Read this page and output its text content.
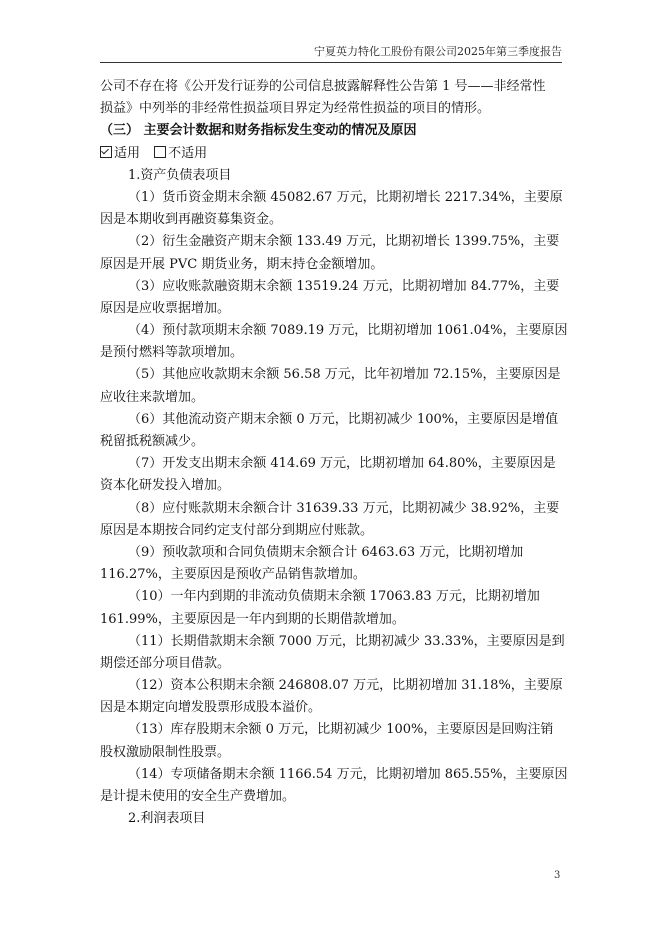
宁夏英力特化工股份有限公司2025年第三季度报告
公司不存在将《公开发行证券的公司信息披露解释性公告第 1 号——非经常性
损益》中列举的非经常性损益项目界定为经常性损益的项目的情形。
（三） 主要会计数据和财务指标发生变动的情况及原因
适用 不适用
1.资产负债表项目
（1）货币资金期末余额 45082.67 万元，比期初增长 2217.34%，主要原
因是本期收到再融资募集资金。
（2）衍生金融资产期末余额 133.49 万元，比期初增长 1399.75%，主要
原因是开展 PVC 期货业务，期末持仓金额增加。
（3）应收账款融资期末余额 13519.24 万元，比期初增加 84.77%，主要
原因是应收票据增加。
（4）预付款项期末余额 7089.19 万元，比期初增加 1061.04%，主要原因
是预付燃料等款项增加。
（5）其他应收款期末余额 56.58 万元，比年初增加 72.15%，主要原因是
应收往来款增加。
（6）其他流动资产期末余额 0 万元，比期初减少 100%，主要原因是增值
税留抵税额减少。
（7）开发支出期末余额 414.69 万元，比期初增加 64.80%，主要原因是
资本化研发投入增加。
（8）应付账款期末余额合计 31639.33 万元，比期初减少 38.92%，主要
原因是本期按合同约定支付部分到期应付账款。
（9）预收款项和合同负债期末余额合计 6463.63 万元，比期初增加
116.27%，主要原因是预收产品销售款增加。
（10）一年内到期的非流动负债期末余额 17063.83 万元，比期初增加
161.99%，主要原因是一年内到期的长期借款增加。
（11）长期借款期末余额 7000 万元，比期初减少 33.33%，主要原因是到
期偿还部分项目借款。
（12）资本公积期末余额 246808.07 万元，比期初增加 31.18%，主要原
因是本期定向增发股票形成股本溢价。
（13）库存股期末余额 0 万元，比期初减少 100%，主要原因是回购注销
股权激励限制性股票。
（14）专项储备期末余额 1166.54 万元，比期初增加 865.55%，主要原因
是计提未使用的安全生产费增加。
2.利润表项目
3
